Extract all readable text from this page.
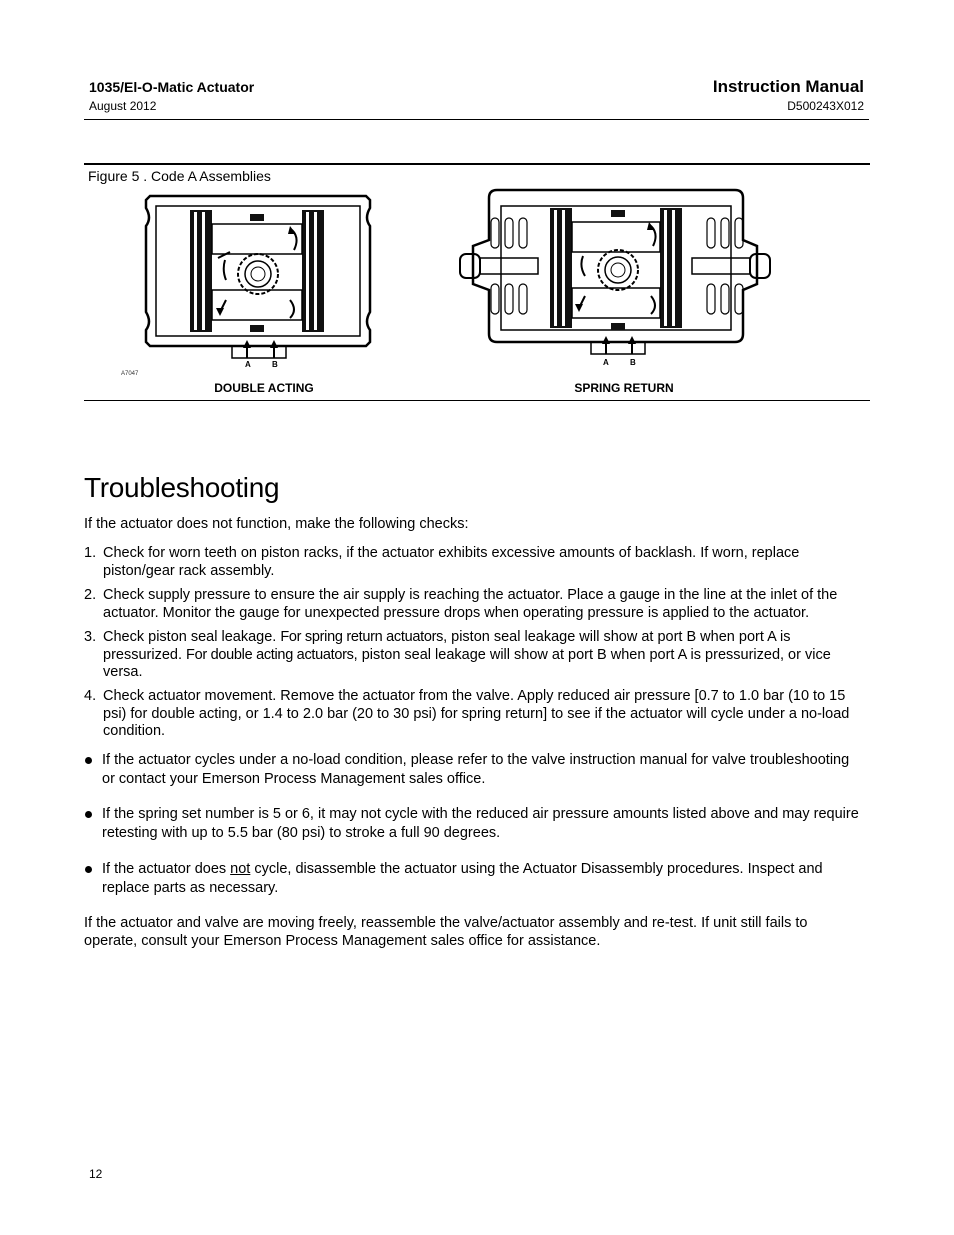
1035/El-O-Matic Actuator
August 2012
Instruction Manual
D500243X012
Figure 5 . Code A Assemblies
A	B	A	B
A7047
DOUBLE ACTING	SPRING RETURN
Troubleshooting
If the actuator does not function, make the following checks:
1. Check for worn teeth on piston racks, if the actuator exhibits excessive amounts of backlash. If worn, replace piston/gear rack assembly.
2. Check supply pressure to ensure the air supply is reaching the actuator. Place a gauge in the line at the inlet of the actuator. Monitor the gauge for unexpected pressure drops when operating pressure is applied to the actuator.
3. Check piston seal leakage. For spring return actuators, piston seal leakage will show at port B when port A is pressurized. For double acting actuators, piston seal leakage will show at port B when port A is pressurized, or vice versa.
4. Check actuator movement. Remove the actuator from the valve. Apply reduced air pressure [0.7 to 1.0 bar (10 to 15 psi) for double acting, or 1.4 to 2.0 bar (20 to 30 psi) for spring return] to see if the actuator will cycle under a no-load condition.
If the actuator cycles under a no-load condition, please refer to the valve instruction manual for valve troubleshooting or contact your Emerson Process Management sales office.
If the spring set number is 5 or 6, it may not cycle with the reduced air pressure amounts listed above and may require retesting with up to 5.5 bar (80 psi) to stroke a full 90 degrees.
If the actuator does not cycle, disassemble the actuator using the Actuator Disassembly procedures. Inspect and replace parts as necessary.
If the actuator and valve are moving freely, reassemble the valve/actuator assembly and re-test. If unit still fails to operate, consult your Emerson Process Management sales office for assistance.
12
